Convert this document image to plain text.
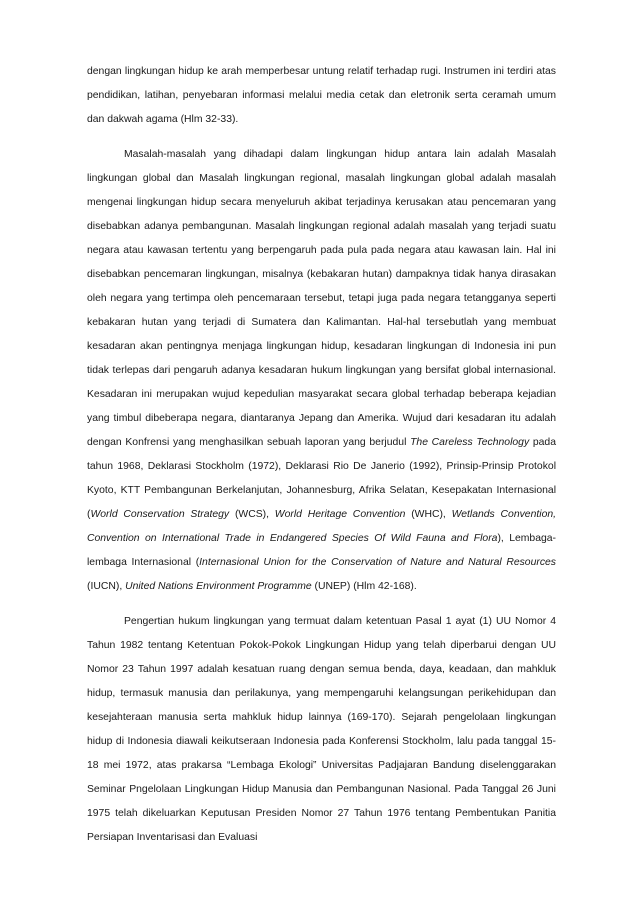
dengan lingkungan hidup ke arah memperbesar untung relatif terhadap rugi. Instrumen ini terdiri atas pendidikan, latihan, penyebaran informasi melalui media cetak dan eletronik serta ceramah umum dan dakwah agama (Hlm 32-33).

Masalah-masalah yang dihadapi dalam lingkungan hidup antara lain adalah Masalah lingkungan global dan Masalah lingkungan regional, masalah lingkungan global adalah masalah mengenai lingkungan hidup secara menyeluruh akibat terjadinya kerusakan atau pencemaran yang disebabkan adanya pembangunan. Masalah lingkungan regional adalah masalah yang terjadi suatu negara atau kawasan tertentu yang berpengaruh pada pula pada negara atau kawasan lain. Hal ini disebabkan pencemaran lingkungan, misalnya (kebakaran hutan) dampaknya tidak hanya dirasakan oleh negara yang tertimpa oleh pencemaraan tersebut, tetapi juga pada negara tetangganya seperti kebakaran hutan yang terjadi di Sumatera dan Kalimantan. Hal-hal tersebutlah yang membuat kesadaran akan pentingnya menjaga lingkungan hidup, kesadaran lingkungan di Indonesia ini pun tidak terlepas dari pengaruh adanya kesadaran hukum lingkungan yang bersifat global internasional. Kesadaran ini merupakan wujud kepedulian masyarakat secara global terhadap beberapa kejadian yang timbul dibeberapa negara, diantaranya Jepang dan Amerika. Wujud dari kesadaran itu adalah dengan Konfrensi yang menghasilkan sebuah laporan yang berjudul The Careless Technology pada tahun 1968, Deklarasi Stockholm (1972), Deklarasi Rio De Janerio (1992), Prinsip-Prinsip Protokol Kyoto, KTT Pembangunan Berkelanjutan, Johannesburg, Afrika Selatan, Kesepakatan Internasional (World Conservation Strategy (WCS), World Heritage Convention (WHC), Wetlands Convention, Convention on International Trade in Endangered Species Of Wild Fauna and Flora), Lembaga-lembaga Internasional (Internasional Union for the Conservation of Nature and Natural Resources (IUCN), United Nations Environment Programme (UNEP) (Hlm 42-168).

Pengertian hukum lingkungan yang termuat dalam ketentuan Pasal 1 ayat (1) UU Nomor 4 Tahun 1982 tentang Ketentuan Pokok-Pokok Lingkungan Hidup yang telah diperbarui dengan UU Nomor 23 Tahun 1997 adalah kesatuan ruang dengan semua benda, daya, keadaan, dan mahkluk hidup, termasuk manusia dan perilakunya, yang mempengaruhi kelangsungan perikehidupan dan kesejahteraan manusia serta mahkluk hidup lainnya (169-170). Sejarah pengelolaan lingkungan hidup di Indonesia diawali keikutseraan Indonesia pada Konferensi Stockholm, lalu pada tanggal 15-18 mei 1972, atas prakarsa “Lembaga Ekologi” Universitas Padjajaran Bandung diselenggarakan Seminar Pngelolaan Lingkungan Hidup Manusia dan Pembangunan Nasional. Pada Tanggal 26 Juni 1975 telah dikeluarkan Keputusan Presiden Nomor 27 Tahun 1976 tentang Pembentukan Panitia Persiapan Inventarisasi dan Evaluasi
